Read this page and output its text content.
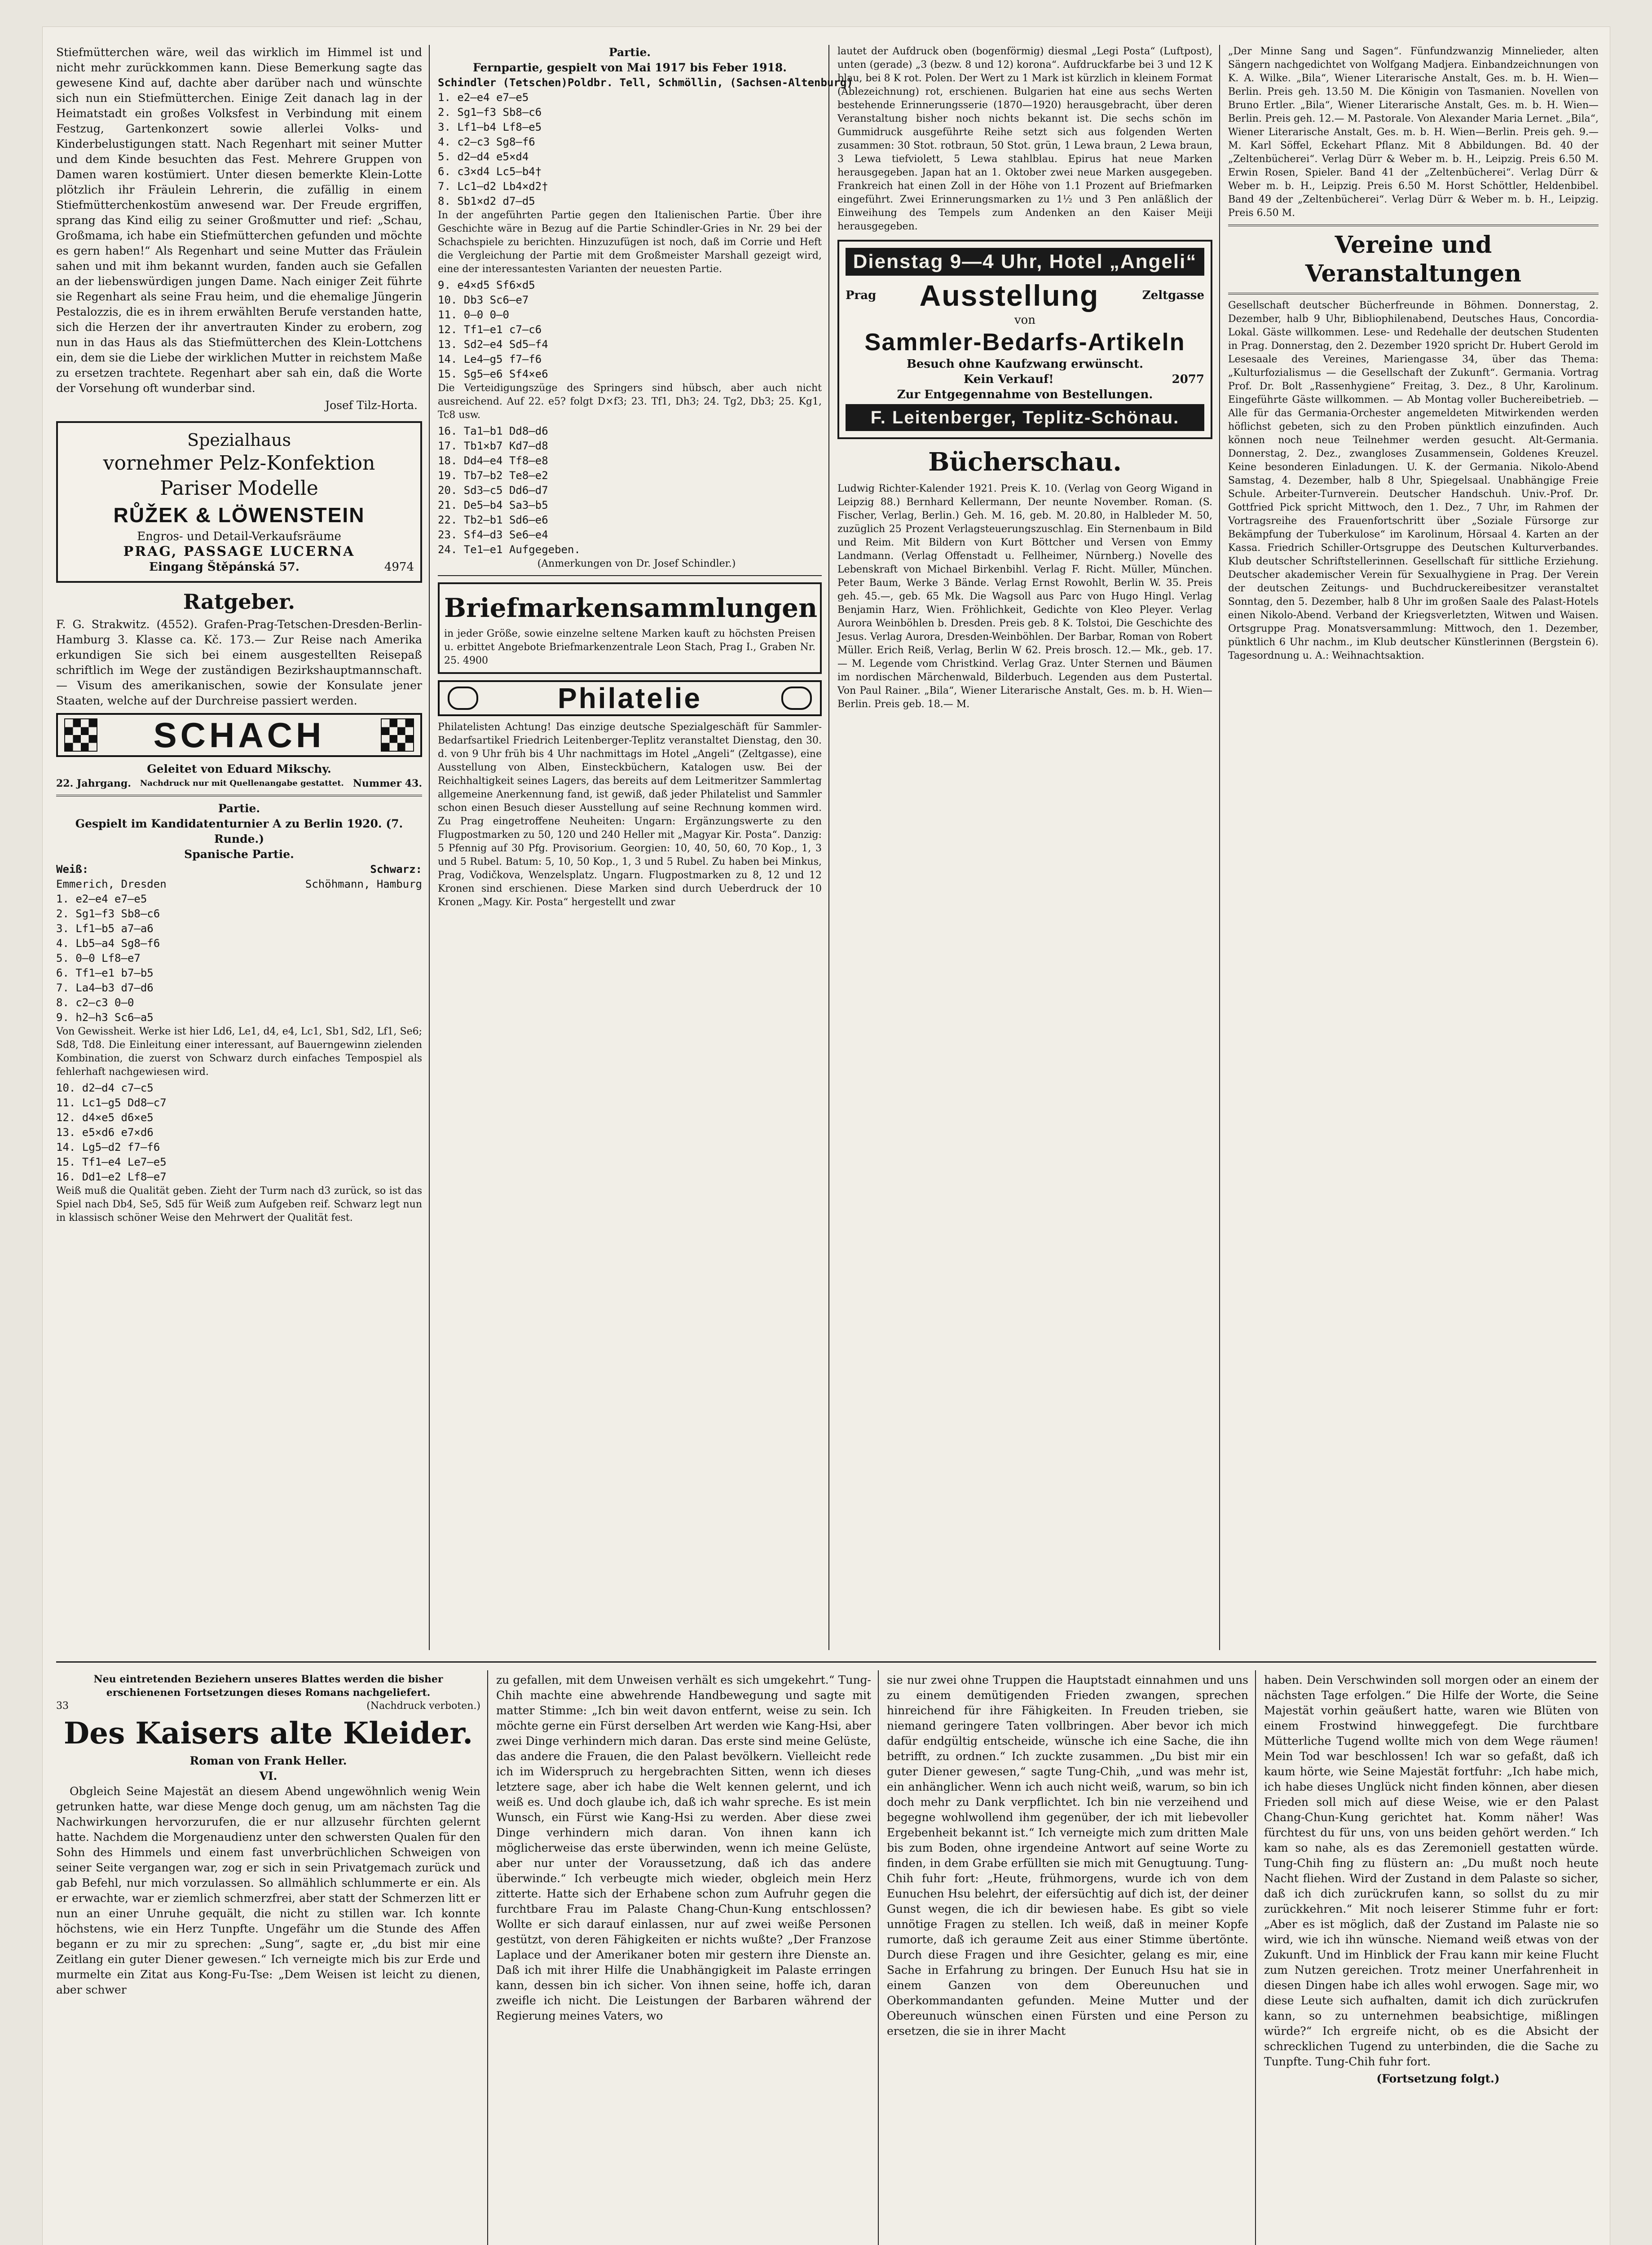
Stiefmütterchen wäre, weil das wirklich im Himmel ist und nicht mehr zurückkommen kann. Diese Bemerkung sagte das gewesene Kind auf, dachte aber darüber nach und wünschte sich nun ein Stiefmütterchen. Einige Zeit danach lag in der Heimatstadt ein großes Volksfest in Verbindung mit einem Festzug, Gartenkonzert sowie allerlei Volks- und Kinderbelustigungen statt. Nach Regenhart mit seiner Mutter und dem Kinde besuchten das Fest. Mehrere Gruppen von Damen waren kostümiert. Unter diesen bemerkte Klein-Lotte plötzlich ihr Fräulein Lehrerin, die zufällig in einem Stiefmütterchenkostüm anwesend war. Der Freude ergriffen, sprang das Kind eilig zu seiner Großmutter und rief: „Schau, Großmama, ich habe ein Stiefmütterchen gefunden und möchte es gern haben!“ Als Regenhart und seine Mutter das Fräulein sahen und mit ihm bekannt wurden, fanden auch sie Gefallen an der liebenswürdigen jungen Dame. Nach einiger Zeit führte sie Regenhart als seine Frau heim, und die ehemalige Jüngerin Pestalozzis, die es in ihrem erwählten Berufe verstanden hatte, sich die Herzen der ihr anvertrauten Kinder zu erobern, zog nun in das Haus als das Stiefmütterchen des Klein-Lottchens ein, dem sie die Liebe der wirklichen Mutter in reichstem Maße zu ersetzen trachtete. Regenhart aber sah ein, daß die Worte der Vorsehung oft wunderbar sind.

Josef Tilz-Horta.

Spezialhaus
vornehmer Pelz-Konfektion
Pariser Modelle
RŮŽEK & LÖWENSTEIN
Engros- und Detail-Verkaufsräume
PRAG, PASSAGE LUCERNA
Eingang Štěpánská 57.	4974
Ratgeber.

F. G. Strakwitz. (4552). Grafen-Prag-Tetschen-Dresden-Berlin-Hamburg 3. Klasse ca. Kč. 173.— Zur Reise nach Amerika erkundigen Sie sich bei einem ausgestellten Reisepaß schriftlich im Wege der zuständigen Bezirkshauptmannschaft. — Visum des amerikanischen, sowie der Konsulate jener Staaten, welche auf der Durchreise passiert werden.

SCHACH
Geleitet von Eduard Mikschy.
22. Jahrgang.	Nachdruck nur mit Quellenangabe gestattet. Nummer 43.
Partie.
Gespielt im Kandidatenturnier A zu Berlin 1920. (7. Runde.)
Spanische Partie.
Weiß:	Schwarz:
Emmerich, Dresden	Schöhmann, Hamburg
1. e2—e4 e7—e5
2. Sg1—f3 Sb8—c6
3. Lf1—b5 a7—a6
4. Lb5—a4 Sg8—f6
5. 0—0 Lf8—e7
6. Tf1—e1 b7—b5
7. La4—b3 d7—d6
8. c2—c3 0—0
9. h2—h3 Sc6—a5

Von Gewissheit. Werke ist hier Ld6, Le1, d4, e4, Lc1, Sb1, Sd2, Lf1, Se6; Sd8, Td8. Die Einleitung einer interessant, auf Bauerngewinn zielenden Kombination, die zuerst von Schwarz durch einfaches Tempospiel als fehlerhaft nachgewiesen wird.

10. d2—d4 c7—c5
11. Lc1—g5 Dd8—c7
12. d4×e5 d6×e5
13. e5×d6 e7×d6
14. Lg5—d2 f7—f6
15. Tf1—e4 Le7—e5
16. Dd1—e2 Lf8—e7

Weiß muß die Qualität geben. Zieht der Turm nach d3 zurück, so ist das Spiel nach Db4, Se5, Sd5 für Weiß zum Aufgeben reif. Schwarz legt nun in klassisch schöner Weise den Mehrwert der Qualität fest.

Partie.
Fernpartie, gespielt von Mai 1917 bis Feber 1918.
Schindler (Tetschen) Poldbr. Tell, Schmöllin, (Sachsen-Altenburg)
1. e2—e4 e7—e5
2. Sg1—f3 Sb8—c6
3. Lf1—b4 Lf8—e5
4. c2—c3 Sg8—f6
5. d2—d4 e5×d4
6. c3×d4 Lc5—b4†
7. Lc1—d2 Lb4×d2†
8. Sb1×d2 d7—d5

In der angeführten Partie gegen den Italienischen Partie. Über ihre Geschichte wäre in Bezug auf die Partie Schindler-Gries in Nr. 29 bei der Schachspiele zu berichten. Hinzuzufügen ist noch, daß im Corrie und Heft die Vergleichung der Partie mit dem Großmeister Marshall gezeigt wird, eine der interessantesten Varianten der neuesten Partie.

9. e4×d5 Sf6×d5
10. Db3 Sc6—e7
11. 0—0 0—0
12. Tf1—e1 c7—c6
13. Sd2—e4 Sd5—f4
14. Le4—g5 f7—f6
15. Sg5—e6 Sf4×e6

Die Verteidigungszüge des Springers sind hübsch, aber auch nicht ausreichend. Auf 22. e5? folgt D×f3; 23. Tf1, Dh3; 24. Tg2, Db3; 25. Kg1, Tc8 usw.

16. Ta1—b1 Dd8—d6
17. Tb1×b7 Kd7—d8
18. Dd4—e4 Tf8—e8
19. Tb7—b2 Te8—e2
20. Sd3—c5 Dd6—d7
21. De5—b4 Sa3—b5
22. Tb2—b1 Sd6—e6
23. Sf4—d3 Se6—e4
24. Te1—e1 Aufgegeben.

(Anmerkungen von Dr. Josef Schindler.)

Briefmarkensammlungen
in jeder Größe, sowie einzelne seltene Marken kauft zu höchsten Preisen u. erbittet Angebote Briefmarkenzentrale Leon Stach, Prag I., Graben Nr. 25. 4900
Philatelie

Philatelisten Achtung! Das einzige deutsche Spezialgeschäft für Sammler-Bedarfsartikel Friedrich Leitenberger-Teplitz veranstaltet Dienstag, den 30. d. von 9 Uhr früh bis 4 Uhr nachmittags im Hotel „Angeli“ (Zeltgasse), eine Ausstellung von Alben, Einsteckbüchern, Katalogen usw. Bei der Reichhaltigkeit seines Lagers, das bereits auf dem Leitmeritzer Sammlertag allgemeine Anerkennung fand, ist gewiß, daß jeder Philatelist und Sammler schon einen Besuch dieser Ausstellung auf seine Rechnung kommen wird. Zu Prag eingetroffene Neuheiten: Ungarn: Ergänzungswerte zu den Flugpostmarken zu 50, 120 und 240 Heller mit „Magyar Kir. Posta“. Danzig: 5 Pfennig auf 30 Pfg. Provisorium. Georgien: 10, 40, 50, 60, 70 Kop., 1, 3 und 5 Rubel. Batum: 5, 10, 50 Kop., 1, 3 und 5 Rubel. Zu haben bei Minkus, Prag, Vodičkova, Wenzelsplatz. Ungarn. Flugpostmarken zu 8, 12 und 12 Kronen sind erschienen. Diese Marken sind durch Ueberdruck der 10 Kronen „Magy. Kir. Posta“ hergestellt und zwar

lautet der Aufdruck oben (bogenförmig) diesmal „Legi Posta“ (Luftpost), unten (gerade) „3 (bezw. 8 und 12) korona“. Aufdruckfarbe bei 3 und 12 K blau, bei 8 K rot. Polen. Der Wert zu 1 Mark ist kürzlich in kleinem Format (Ablezeichnung) rot, erschienen. Bulgarien hat eine aus sechs Werten bestehende Erinnerungsserie (1870—1920) herausgebracht, über deren Veranstaltung bisher noch nichts bekannt ist. Die sechs schön im Gummidruck ausgeführte Reihe setzt sich aus folgenden Werten zusammen: 30 Stot. rotbraun, 50 Stot. grün, 1 Lewa braun, 2 Lewa braun, 3 Lewa tiefviolett, 5 Lewa stahlblau. Epirus hat neue Marken herausgegeben. Japan hat an 1. Oktober zwei neue Marken ausgegeben. Frankreich hat einen Zoll in der Höhe von 1.1 Prozent auf Briefmarken eingeführt. Zwei Erinnerungsmarken zu 1½ und 3 Pen anläßlich der Einweihung des Tempels zum Andenken an den Kaiser Meiji herausgegeben.

Dienstag 9—4 Uhr, Hotel „Angeli“
Prag Ausstellung	Zeltgasse
von
Sammler-Bedarfs-Artikeln
Besuch ohne Kaufzwang erwünscht.
Kein Verkauf!	2077
Zur Entgegennahme von Bestellungen.
F. Leitenberger, Teplitz-Schönau.
Bücherschau.

Ludwig Richter-Kalender 1921. Preis K. 10. (Verlag von Georg Wigand in Leipzig 88.) Bernhard Kellermann, Der neunte November. Roman. (S. Fischer, Verlag, Berlin.) Geh. M. 16, geb. M. 20.80, in Halbleder M. 50, zuzüglich 25 Prozent Verlagsteuerungszuschlag. Ein Sternenbaum in Bild und Reim. Mit Bildern von Kurt Böttcher und Versen von Emmy Landmann. (Verlag Offenstadt u. Fellheimer, Nürnberg.) Novelle des Lebenskraft von Michael Birkenbihl. Verlag F. Richt. Müller, München. Peter Baum, Werke 3 Bände. Verlag Ernst Rowohlt, Berlin W. 35. Preis geh. 45.—, geb. 65 Mk. Die Wagsoll aus Parc von Hugo Hingl. Verlag Benjamin Harz, Wien. Fröhlichkeit, Gedichte von Kleo Pleyer. Verlag Aurora Weinböhlen b. Dresden. Preis geb. 8 K. Tolstoi, Die Geschichte des Jesus. Verlag Aurora, Dresden-Weinböhlen. Der Barbar, Roman von Robert Müller. Erich Reiß, Verlag, Berlin W 62. Preis brosch. 12.— Mk., geb. 17.— M. Legende vom Christkind. Verlag Graz. Unter Sternen und Bäumen im nordischen Märchenwald, Bilderbuch. Legenden aus dem Pustertal. Von Paul Rainer. „Bila“, Wiener Literarische Anstalt, Ges. m. b. H. Wien—Berlin. Preis geb. 18.— M.

„Der Minne Sang und Sagen“. Fünfundzwanzig Minnelieder, alten Sängern nachgedichtet von Wolfgang Madjera. Einbandzeichnungen von K. A. Wilke. „Bila“, Wiener Literarische Anstalt, Ges. m. b. H. Wien—Berlin. Preis geh. 13.50 M. Die Königin von Tasmanien. Novellen von Bruno Ertler. „Bila“, Wiener Literarische Anstalt, Ges. m. b. H. Wien—Berlin. Preis geh. 12.— M. Pastorale. Von Alexander Maria Lernet. „Bila“, Wiener Literarische Anstalt, Ges. m. b. H. Wien—Berlin. Preis geh. 9.— M. Karl Söffel, Eckehart Pflanz. Mit 8 Abbildungen. Bd. 40 der „Zeltenbücherei“. Verlag Dürr & Weber m. b. H., Leipzig. Preis 6.50 M. Erwin Rosen, Spieler. Band 41 der „Zeltenbücherei“. Verlag Dürr & Weber m. b. H., Leipzig. Preis 6.50 M. Horst Schöttler, Heldenbibel. Band 49 der „Zeltenbücherei“. Verlag Dürr & Weber m. b. H., Leipzig. Preis 6.50 M.

Vereine und Veranstaltungen

Gesellschaft deutscher Bücherfreunde in Böhmen. Donnerstag, 2. Dezember, halb 9 Uhr, Bibliophilenabend, Deutsches Haus, Concordia-Lokal. Gäste willkommen. Lese- und Redehalle der deutschen Studenten in Prag. Donnerstag, den 2. Dezember 1920 spricht Dr. Hubert Gerold im Lesesaale des Vereines, Mariengasse 34, über das Thema: „Kulturfozialismus — die Gesellschaft der Zukunft“. Germania. Vortrag Prof. Dr. Bolt „Rassenhygiene“ Freitag, 3. Dez., 8 Uhr, Karolinum. Eingeführte Gäste willkommen. — Ab Montag voller Buchereibetrieb. — Alle für das Germania-Orchester angemeldeten Mitwirkenden werden höflichst gebeten, sich zu den Proben pünktlich einzufinden. Auch können noch neue Teilnehmer werden gesucht. Alt-Germania. Donnerstag, 2. Dez., zwangloses Zusammensein, Goldenes Kreuzel. Keine besonderen Einladungen. U. K. der Germania. Nikolo-Abend Samstag, 4. Dezember, halb 8 Uhr, Spiegelsaal. Unabhängige Freie Schule. Arbeiter-Turnverein. Deutscher Handschuh. Univ.-Prof. Dr. Gottfried Pick spricht Mittwoch, den 1. Dez., 7 Uhr, im Rahmen der Vortragsreihe des Frauenfortschritt über „Soziale Fürsorge zur Bekämpfung der Tuberkulose“ im Karolinum, Hörsaal 4. Karten an der Kassa. Friedrich Schiller-Ortsgruppe des Deutschen Kulturverbandes. Klub deutscher Schriftstellerinnen. Gesellschaft für sittliche Erziehung. Deutscher akademischer Verein für Sexualhygiene in Prag. Der Verein der deutschen Zeitungs- und Buchdruckereibesitzer veranstaltet Sonntag, den 5. Dezember, halb 8 Uhr im großen Saale des Palast-Hotels einen Nikolo-Abend. Verband der Kriegsverletzten, Witwen und Waisen. Ortsgruppe Prag. Monatsversammlung: Mittwoch, den 1. Dezember, pünktlich 6 Uhr nachm., im Klub deutscher Künstlerinnen (Bergstein 6). Tagesordnung u. A.: Weihnachtsaktion.

Neu eintretenden Beziehern unseres Blattes werden die bisher erschienenen Fortsetzungen dieses Romans nachgeliefert.
33	(Nachdruck verboten.)
Des Kaisers alte Kleider.
Roman von Frank Heller.
VI.

Obgleich Seine Majestät an diesem Abend ungewöhnlich wenig Wein getrunken hatte, war diese Menge doch genug, um am nächsten Tag die Nachwirkungen hervorzurufen, die er nur allzusehr fürchten gelernt hatte. Nachdem die Morgenaudienz unter den schwersten Qualen für den Sohn des Himmels und einem fast unverbrüchlichen Schweigen von seiner Seite vergangen war, zog er sich in sein Privatgemach zurück und gab Befehl, nur mich vorzulassen. So allmählich schlummerte er ein. Als er erwachte, war er ziemlich schmerzfrei, aber statt der Schmerzen litt er nun an einer Unruhe gequält, die nicht zu stillen war. Ich konnte höchstens, wie ein Herz Tunpfte. Ungefähr um die Stunde des Affen begann er zu mir zu sprechen: „Sung“, sagte er, „du bist mir eine Zeitlang ein guter Diener gewesen.“ Ich verneigte mich bis zur Erde und murmelte ein Zitat aus Kong-Fu-Tse: „Dem Weisen ist leicht zu dienen, aber schwer

zu gefallen, mit dem Unweisen verhält es sich umgekehrt.“ Tung-Chih machte eine abwehrende Handbewegung und sagte mit matter Stimme: „Ich bin weit davon entfernt, weise zu sein. Ich möchte gerne ein Fürst derselben Art werden wie Kang-Hsi, aber zwei Dinge verhindern mich daran. Das erste sind meine Gelüste, das andere die Frauen, die den Palast bevölkern. Vielleicht rede ich im Widerspruch zu hergebrachten Sitten, wenn ich dieses letztere sage, aber ich habe die Welt kennen gelernt, und ich weiß es. Und doch glaube ich, daß ich wahr spreche. Es ist mein Wunsch, ein Fürst wie Kang-Hsi zu werden. Aber diese zwei Dinge verhindern mich daran. Von ihnen kann ich möglicherweise das erste überwinden, wenn ich meine Gelüste, aber nur unter der Voraussetzung, daß ich das andere überwinde.“ Ich verbeugte mich wieder, obgleich mein Herz zitterte. Hatte sich der Erhabene schon zum Aufruhr gegen die furchtbare Frau im Palaste Chang-Chun-Kung entschlossen? Wollte er sich darauf einlassen, nur auf zwei weiße Personen gestützt, von deren Fähigkeiten er nichts wußte? „Der Franzose Laplace und der Amerikaner boten mir gestern ihre Dienste an. Daß ich mit ihrer Hilfe die Unabhängigkeit im Palaste erringen kann, dessen bin ich sicher. Von ihnen seine, hoffe ich, daran zweifle ich nicht. Die Leistungen der Barbaren während der Regierung meines Vaters, wo

sie nur zwei ohne Truppen die Hauptstadt einnahmen und uns zu einem demütigenden Frieden zwangen, sprechen hinreichend für ihre Fähigkeiten. In Freuden trieben, sie niemand geringere Taten vollbringen. Aber bevor ich mich dafür endgültig entscheide, wünsche ich eine Sache, die ihn betrifft, zu ordnen.“ Ich zuckte zusammen. „Du bist mir ein guter Diener gewesen,“ sagte Tung-Chih, „und was mehr ist, ein anhänglicher. Wenn ich auch nicht weiß, warum, so bin ich doch mehr zu Dank verpflichtet. Ich bin nie verzeihend und begegne wohlwollend ihm gegenüber, der ich mit liebevoller Ergebenheit bekannt ist.“ Ich verneigte mich zum dritten Male bis zum Boden, ohne irgendeine Antwort auf seine Worte zu finden, in dem Grabe erfüllten sie mich mit Genugtuung. Tung-Chih fuhr fort: „Heute, frühmorgens, wurde ich von dem Eunuchen Hsu belehrt, der eifersüchtig auf dich ist, der deiner Gunst wegen, die ich dir bewiesen habe. Es gibt so viele unnötige Fragen zu stellen. Ich weiß, daß in meiner Kopfe rumorte, daß ich geraume Zeit aus einer Stimme übertönte. Durch diese Fragen und ihre Gesichter, gelang es mir, eine Sache in Erfahrung zu bringen. Der Eunuch Hsu hat sie in einem Ganzen von dem Obereunuchen und Oberkommandanten gefunden. Meine Mutter und der Obereunuch wünschen einen Fürsten und eine Person zu ersetzen, die sie in ihrer Macht

haben. Dein Verschwinden soll morgen oder an einem der nächsten Tage erfolgen.“ Die Hilfe der Worte, die Seine Majestät vorhin geäußert hatte, waren wie Blüten von einem Frostwind hinweggefegt. Die furchtbare Mütterliche Tugend wollte mich von dem Wege räumen! Mein Tod war beschlossen! Ich war so gefaßt, daß ich kaum hörte, wie Seine Majestät fortfuhr: „Ich habe mich, ich habe dieses Unglück nicht finden können, aber diesen Frieden soll mich auf diese Weise, wie er den Palast Chang-Chun-Kung gerichtet hat. Komm näher! Was fürchtest du für uns, von uns beiden gehört werden.“ Ich kam so nahe, als es das Zeremoniell gestatten würde. Tung-Chih fing zu flüstern an: „Du mußt noch heute Nacht fliehen. Wird der Zustand in dem Palaste so sicher, daß ich dich zurückrufen kann, so sollst du zu mir zurückkehren.“ Mit noch leiserer Stimme fuhr er fort: „Aber es ist möglich, daß der Zustand im Palaste nie so wird, wie ich ihn wünsche. Niemand weiß etwas von der Zukunft. Und im Hinblick der Frau kann mir keine Flucht zum Nutzen gereichen. Trotz meiner Unerfahrenheit in diesen Dingen habe ich alles wohl erwogen. Sage mir, wo diese Leute sich aufhalten, damit ich dich zurückrufen kann, so zu unternehmen beabsichtige, mißlingen würde?“ Ich ergreife nicht, ob es die Absicht der schrecklichen Tugend zu unterbinden, die die Sache zu Tunpfte. Tung-Chih fuhr fort.

(Fortsetzung folgt.)
